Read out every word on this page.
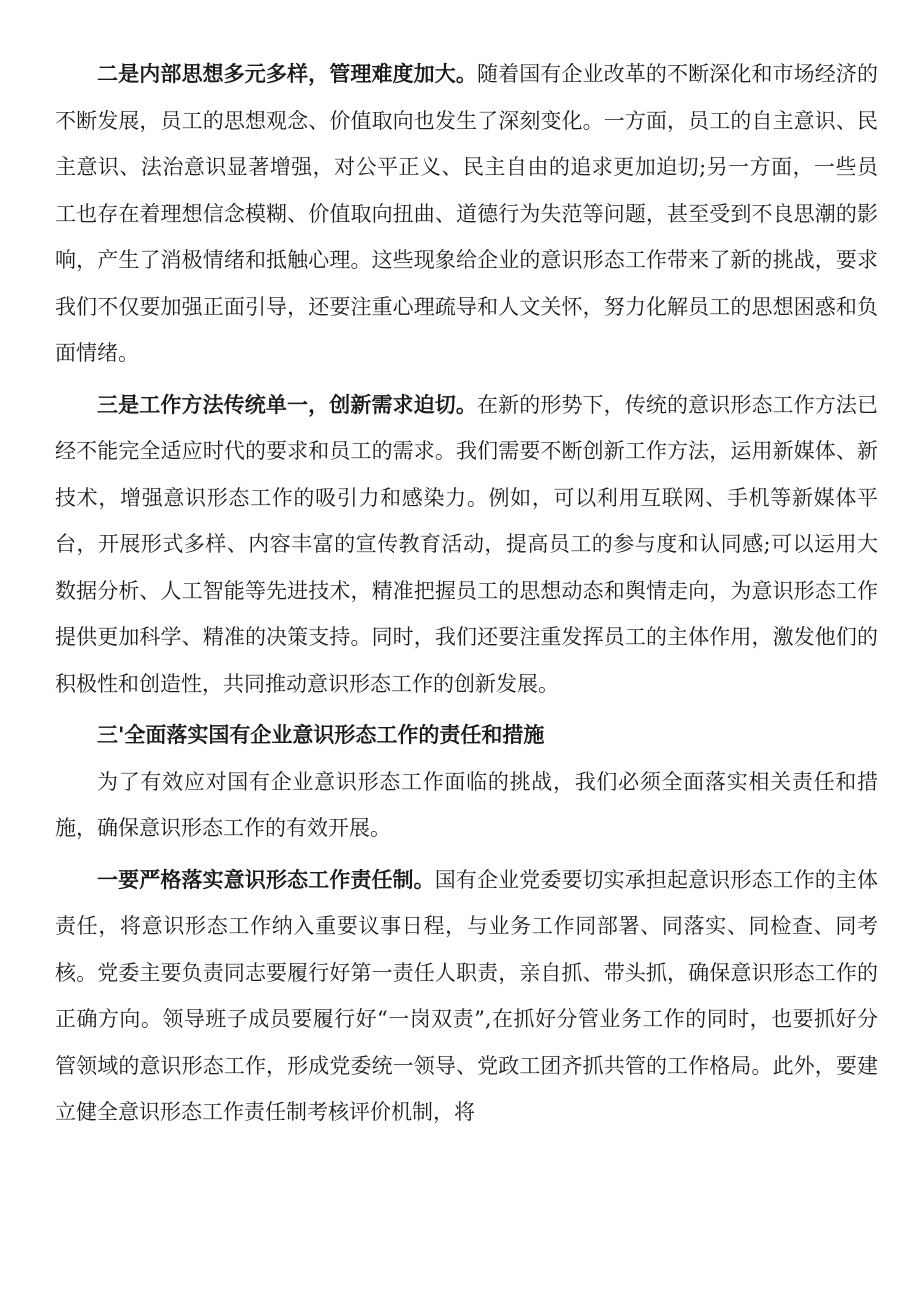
二是内部思想多元多样，管理难度加大。随着国有企业改革的不断深化和市场经济的不断发展，员工的思想观念、价值取向也发生了深刻变化。一方面，员工的自主意识、民主意识、法治意识显著增强，对公平正义、民主自由的追求更加迫切;另一方面，一些员工也存在着理想信念模糊、价值取向扭曲、道德行为失范等问题，甚至受到不良思潮的影响，产生了消极情绪和抵触心理。这些现象给企业的意识形态工作带来了新的挑战，要求我们不仅要加强正面引导，还要注重心理疏导和人文关怀，努力化解员工的思想困惑和负面情绪。

三是工作方法传统单一，创新需求迫切。在新的形势下，传统的意识形态工作方法已经不能完全适应时代的要求和员工的需求。我们需要不断创新工作方法，运用新媒体、新技术，增强意识形态工作的吸引力和感染力。例如，可以利用互联网、手机等新媒体平台，开展形式多样、内容丰富的宣传教育活动，提高员工的参与度和认同感;可以运用大数据分析、人工智能等先进技术，精准把握员工的思想动态和舆情走向，为意识形态工作提供更加科学、精准的决策支持。同时，我们还要注重发挥员工的主体作用，激发他们的积极性和创造性，共同推动意识形态工作的创新发展。

三'全面落实国有企业意识形态工作的责任和措施

为了有效应对国有企业意识形态工作面临的挑战，我们必须全面落实相关责任和措施，确保意识形态工作的有效开展。

一要严格落实意识形态工作责任制。国有企业党委要切实承担起意识形态工作的主体责任，将意识形态工作纳入重要议事日程，与业务工作同部署、同落实、同检查、同考核。党委主要负责同志要履行好第一责任人职责，亲自抓、带头抓，确保意识形态工作的正确方向。领导班子成员要履行好“一岗双责”,在抓好分管业务工作的同时，也要抓好分管领域的意识形态工作，形成党委统一领导、党政工团齐抓共管的工作格局。此外，要建立健全意识形态工作责任制考核评价机制，将
